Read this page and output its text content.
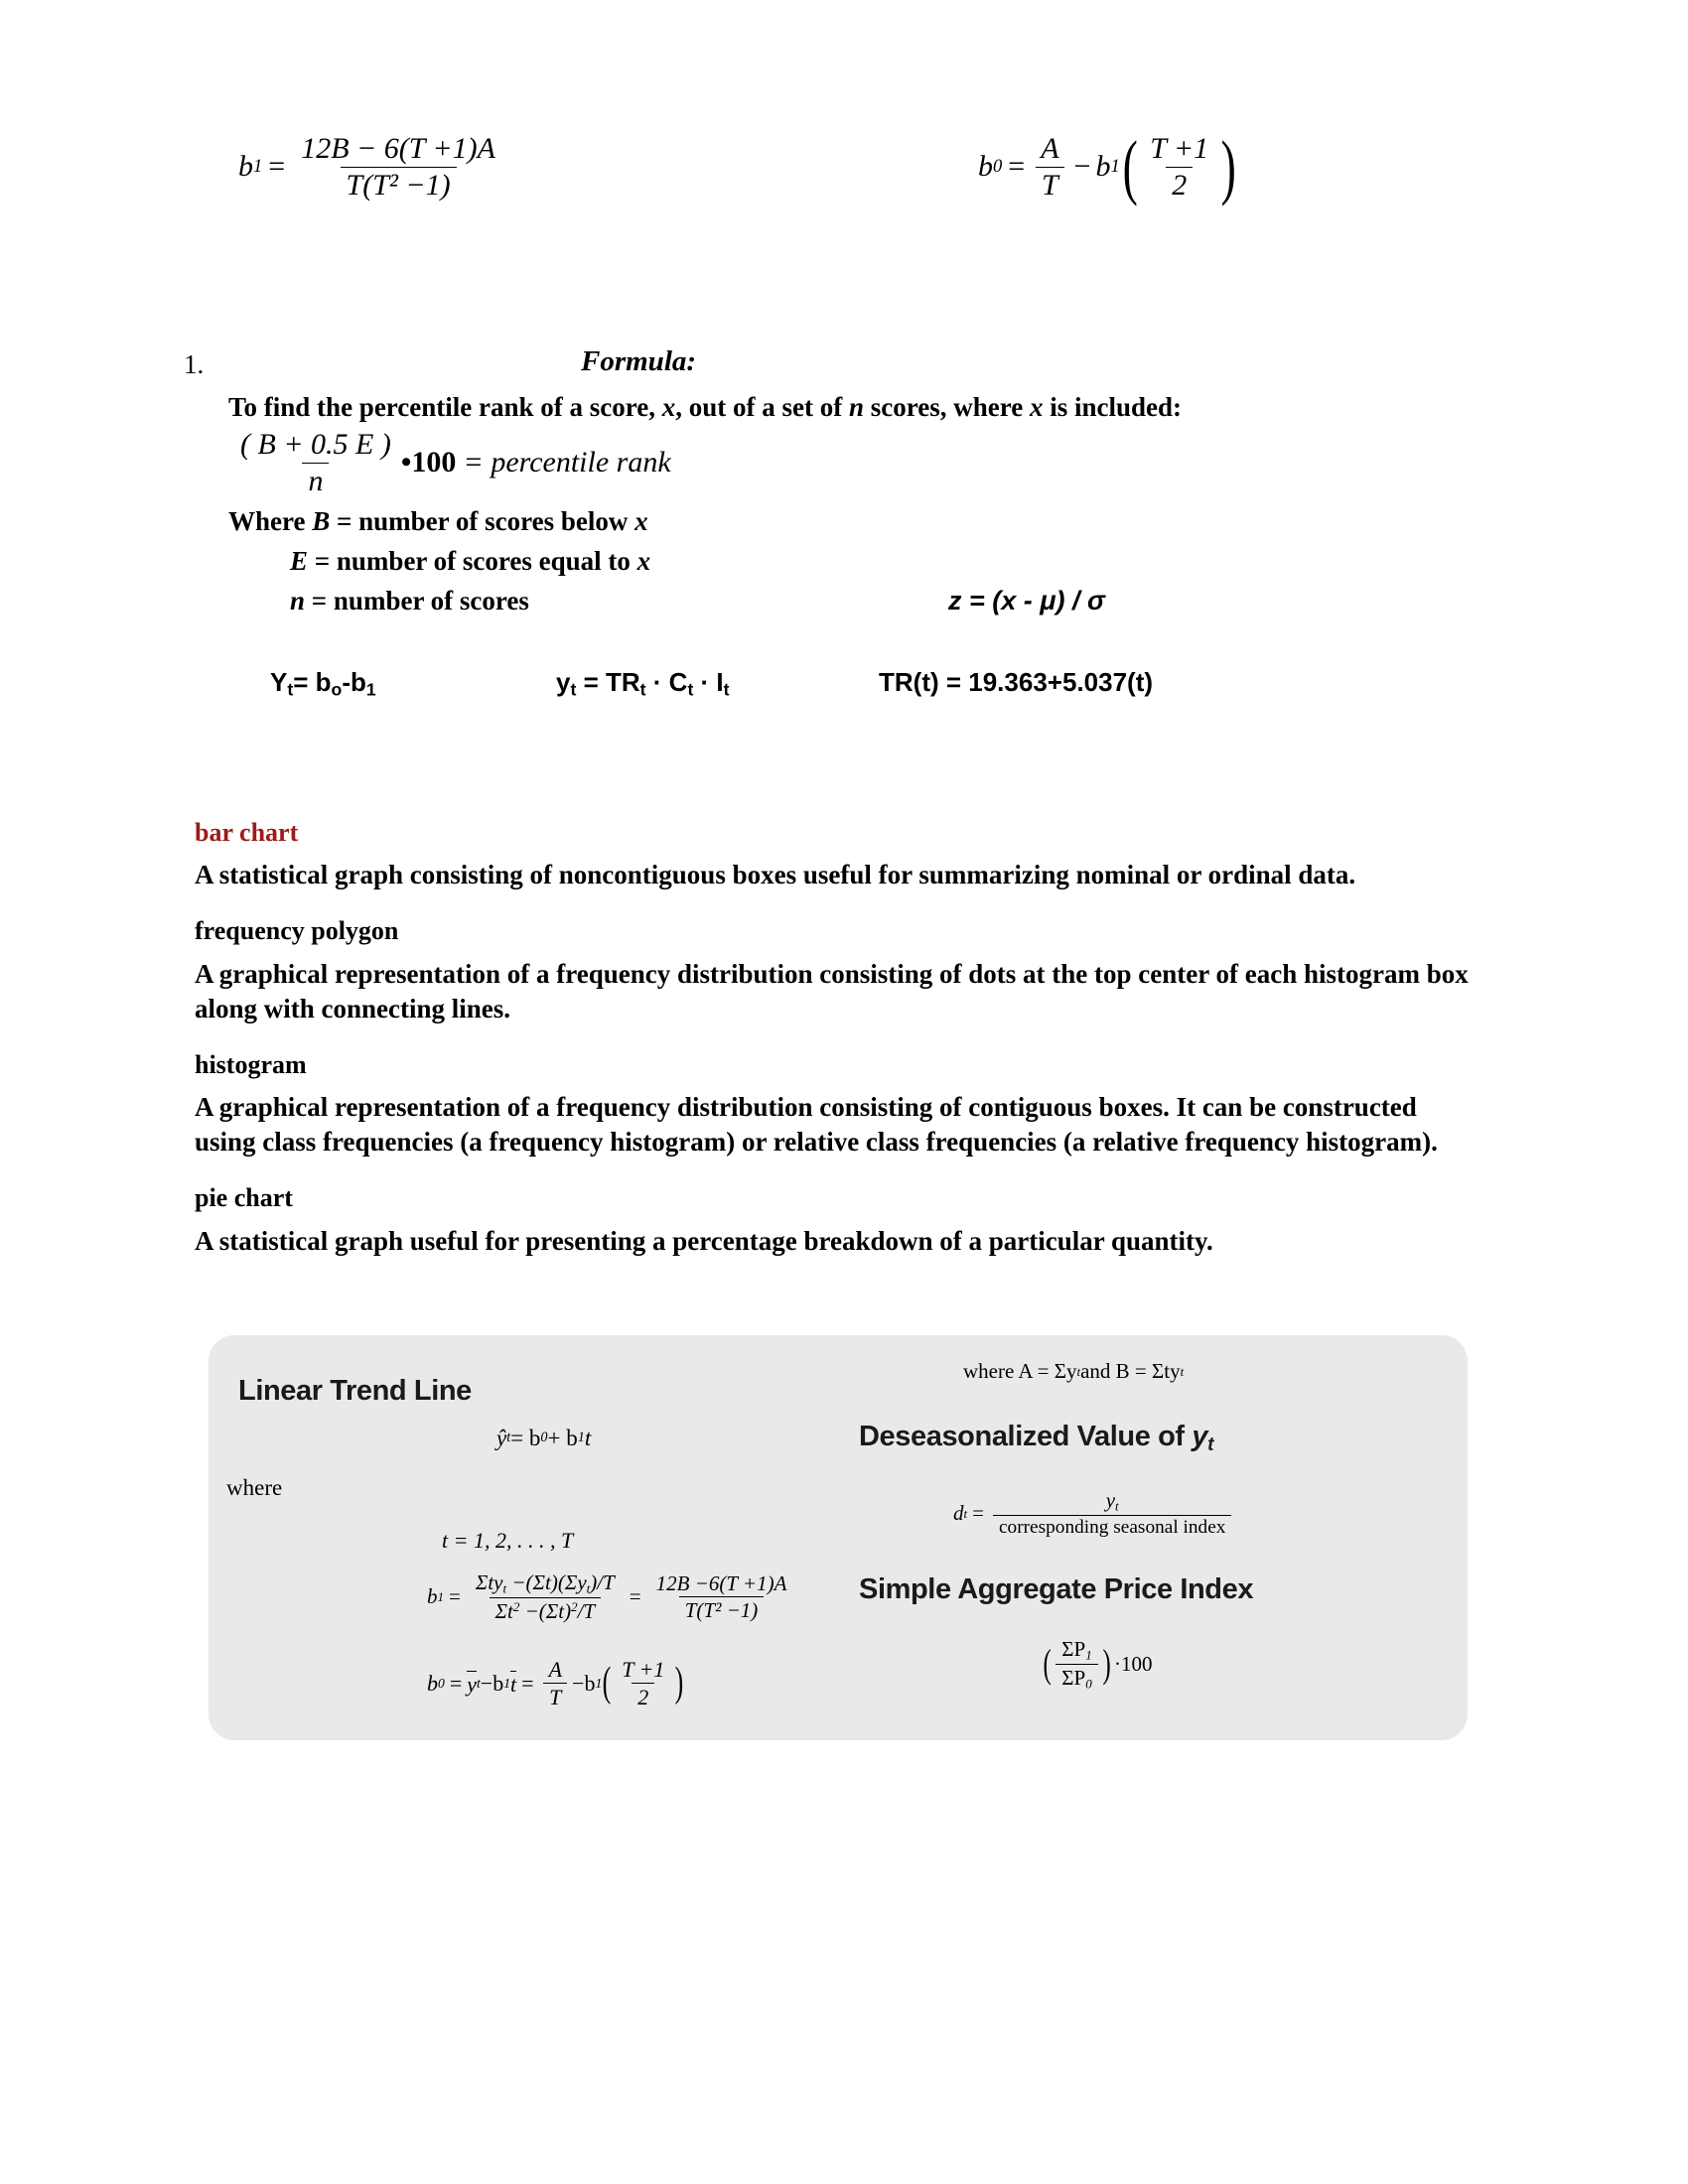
b $1 = \frac{12B - 6(T +1)A}{\text{T(T² −1)}}$	b $0 = \frac{A}{T} - b$ 1 ( $\frac{T +1}{2}$ )
1.	Formula:
To find the percentile rank of a score, x, out of a set of n scores, where x is included:
$\frac{( B + 0.5 E )}{n}$ •100 = percentile rank
Where B = number of scores below x
E = number of scores equal to x
n = number of scores	z = (x - μ) / σ
$Y_t= b_o-b_1$	$y_t = TR_t \cdot C_t \cdot I_t$	TR(t) = 19.363+5.037(t)

bar chart

A statistical graph consisting of noncontiguous boxes useful for summarizing nominal or ordinal data.

frequency polygon

A graphical representation of a frequency distribution consisting of dots at the top center of each histogram box along with connecting lines.

histogram

A graphical representation of a frequency distribution consisting of contiguous boxes. It can be constructed using class frequencies (a frequency histogram) or relative class frequencies (a relative frequency histogram).

pie chart

A statistical graph useful for presenting a percentage breakdown of a particular quantity.

Linear Trend Line
where A = Σy t and B = Σty t
ŷ t = b 0 + b 1 t
where
t = 1, 2, . . . , T
b $1 = \frac{\Sigma ty_t -(\Sigma t)(\Sigma y_t)/T}{\Sigma t^2 -(\Sigma t)^2/T} = \frac{12B -6(T +1)A}{\text{T(T² −1)}}$
b 0 = y t −b 1 $t = \frac{A}{T} -b$ 1 ( $\frac{T +1}{2}$ )
Deseasonalized Value of $y_t$
d $t = \frac{y_t}{\text{corresponding seasonal index}}$
Simple Aggregate Price Index
( $\frac{\Sigma P_1}{\Sigma P_0}$ ) ·100
